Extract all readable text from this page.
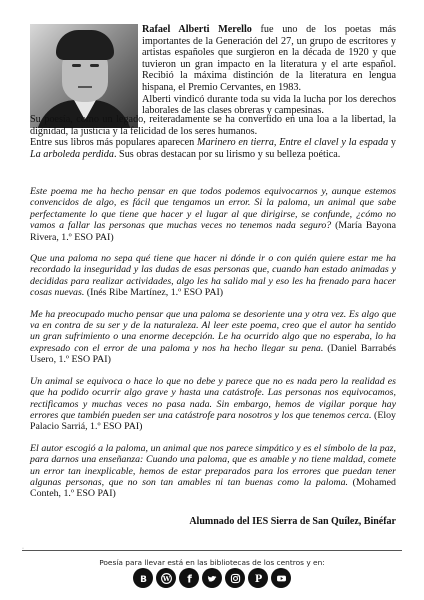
Rafael Alberti Merello fue uno de los poetas más importantes de la Generación del 27, un grupo de escritores y artistas españoles que surgieron en la década de 1920 y que tuvieron un gran impacto en la literatura y el arte español. Recibió la máxima distinción de la literatura en lengua hispana, el Premio Cervantes, en 1983.

Alberti vindicó durante toda su vida la lucha por los derechos laborales de las clases obreras y campesinas.

Su poesía, como un legado, reiteradamente se ha convertido en una loa a la libertad, la dignidad, la justicia y la felicidad de los seres humanos.

Entre sus libros más populares aparecen Marinero en tierra, Entre el clavel y la espada y La arboleda perdida. Sus obras destacan por su lirismo y su belleza poética.

Este poema me ha hecho pensar en que todos podemos equivocarnos y, aunque estemos convencidos de algo, es fácil que tengamos un error. Si la paloma, un animal que sabe perfectamente lo que tiene que hacer y el lugar al que dirigirse, se confunde, ¿cómo no vamos a fallar las personas que muchas veces no tenemos nada seguro? (María Bayona Rivera, 1.º ESO PAI)

Que una paloma no sepa qué tiene que hacer ni dónde ir o con quién quiere estar me ha recordado la inseguridad y las dudas de esas personas que, cuando han estado animadas y decididas para realizar actividades, algo les ha salido mal y eso les ha frenado para hacer cosas nuevas. (Inés Ribe Martínez, 1.º ESO PAI)

Me ha preocupado mucho pensar que una paloma se desoriente una y otra vez. Es algo que va en contra de su ser y de la naturaleza. Al leer este poema, creo que el autor ha sentido un gran sufrimiento o una enorme decepción. Le ha ocurrido algo que no esperaba, lo ha expresado con el error de una paloma y nos ha hecho llegar su pena. (Daniel Barrabés Usero, 1.º ESO PAI)

Un animal se equivoca o hace lo que no debe y parece que no es nada pero la realidad es que ha podido ocurrir algo grave y hasta una catástrofe. Las personas nos equivocamos, rectificamos y muchas veces no pasa nada. Sin embargo, hemos de vigilar porque hay errores que también pueden ser una catástrofe para nosotros y los que tenemos cerca. (Eloy Palacio Sarriá, 1.º ESO PAI)

El autor escogió a la paloma, un animal que nos parece simpático y es el símbolo de la paz, para darnos una enseñanza: Cuando una paloma, que es amable y no tiene maldad, comete un error tan inexplicable, hemos de estar preparados para los errores que puedan tener algunas personas, que no son tan amables ni tan buenas como la paloma. (Mohamed Conteh, 1.º ESO PAI)

Alumnado del IES Sierra de San Quílez, Binéfar
·
Poesía para llevar está en las bibliotecas de los centros y en:
B W f	P
